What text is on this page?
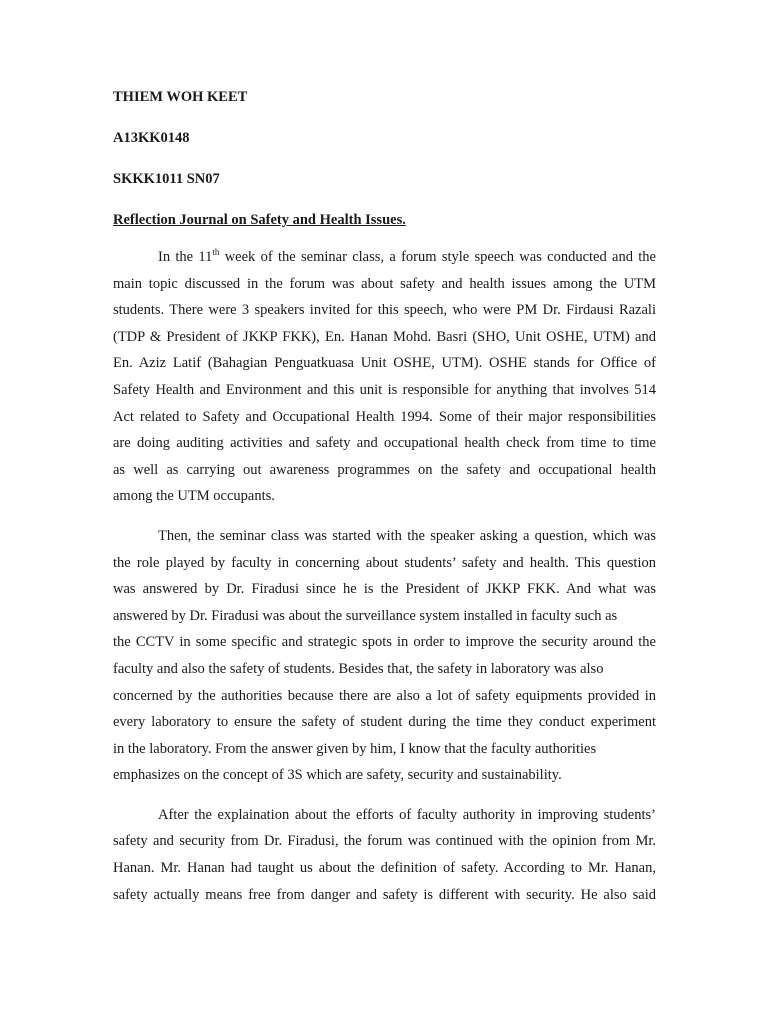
THIEM WOH KEET

A13KK0148

SKKK1011 SN07

Reflection Journal on Safety and Health Issues.

In the 11th week of the seminar class, a forum style speech was conducted and the
main topic discussed in the forum was about safety and health issues among the UTM
students. There were 3 speakers invited for this speech, who were PM Dr. Firdausi Razali
(TDP & President of JKKP FKK), En. Hanan Mohd. Basri (SHO, Unit OSHE, UTM) and
En. Aziz Latif (Bahagian Penguatkuasa Unit OSHE, UTM). OSHE stands for Office of
Safety Health and Environment and this unit is responsible for anything that involves 514
Act related to Safety and Occupational Health 1994. Some of their major responsibilities
are doing auditing activities and safety and occupational health check from time to time
as well as carrying out awareness programmes on the safety and occupational health
among the UTM occupants.
Then, the seminar class was started with the speaker asking a question, which was
the role played by faculty in concerning about students’ safety and health. This question
was answered by Dr. Firadusi since he is the President of JKKP FKK. And what was
answered by Dr. Firadusi was about the surveillance system installed in faculty such as
the CCTV in some specific and strategic spots in order to improve the security around the
faculty and also the safety of students. Besides that, the safety in laboratory was also
concerned by the authorities because there are also a lot of safety equipments provided in
every laboratory to ensure the safety of student during the time they conduct experiment
in the laboratory. From the answer given by him, I know that the faculty authorities
emphasizes on the concept of 3S which are safety, security and sustainability.
After the explaination about the efforts of faculty authority in improving students’
safety and security from Dr. Firadusi, the forum was continued with the opinion from Mr.
Hanan. Mr. Hanan had taught us about the definition of safety. According to Mr. Hanan,
safety actually means free from danger and safety is different with security. He also said
